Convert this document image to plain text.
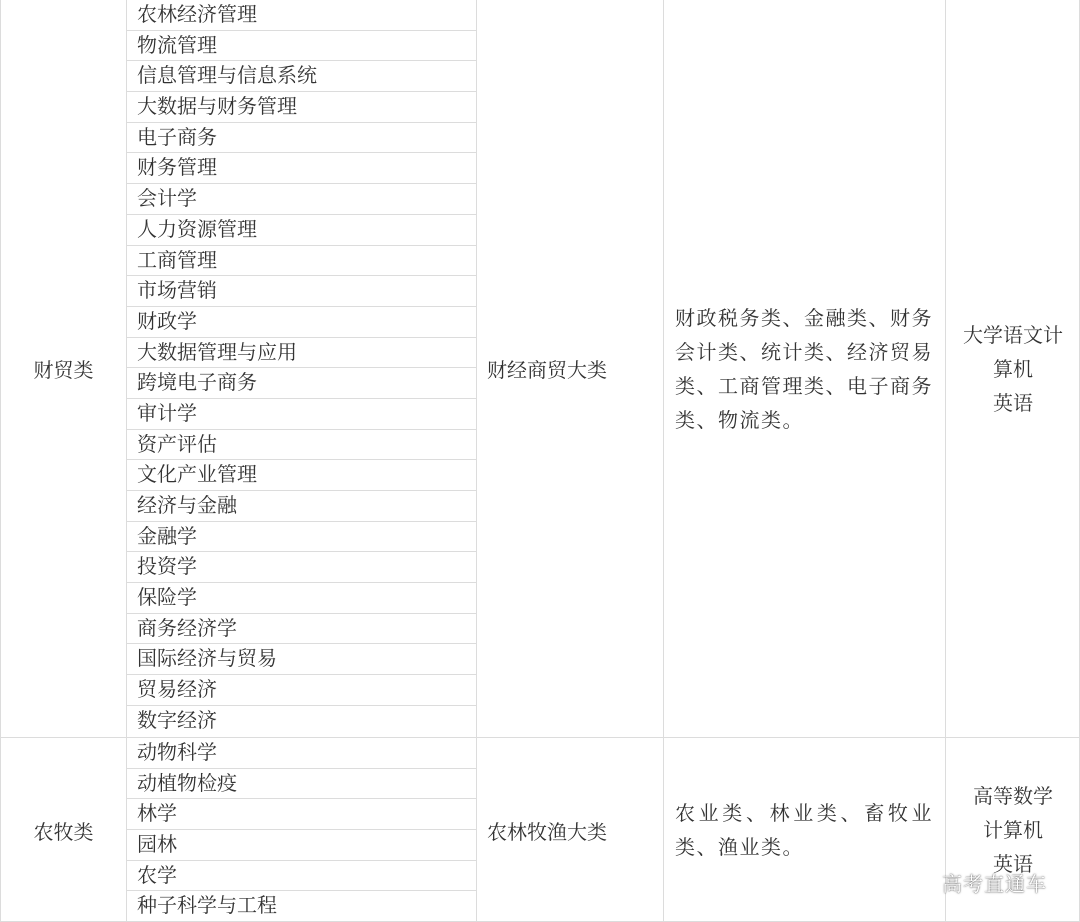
财贸类
农林经济管理
物流管理
信息管理与信息系统
大数据与财务管理
电子商务
财务管理
会计学
人力资源管理
工商管理
市场营销
财政学
大数据管理与应用
跨境电子商务
审计学
资产评估
文化产业管理
经济与金融
金融学
投资学
保险学
商务经济学
国际经济与贸易
贸易经济
数字经济
财经商贸大类
财政税务类、金融类、财务会计类、统计类、经济贸易类、工商管理类、电子商务类、物流类。
大学语文计
算机
英语
农牧类
动物科学
动植物检疫
林学
园林
农学
种子科学与工程
农林牧渔大类
农业类、林业类、畜牧业类、渔业类。
高等数学
计算机
英语
高考直通车
